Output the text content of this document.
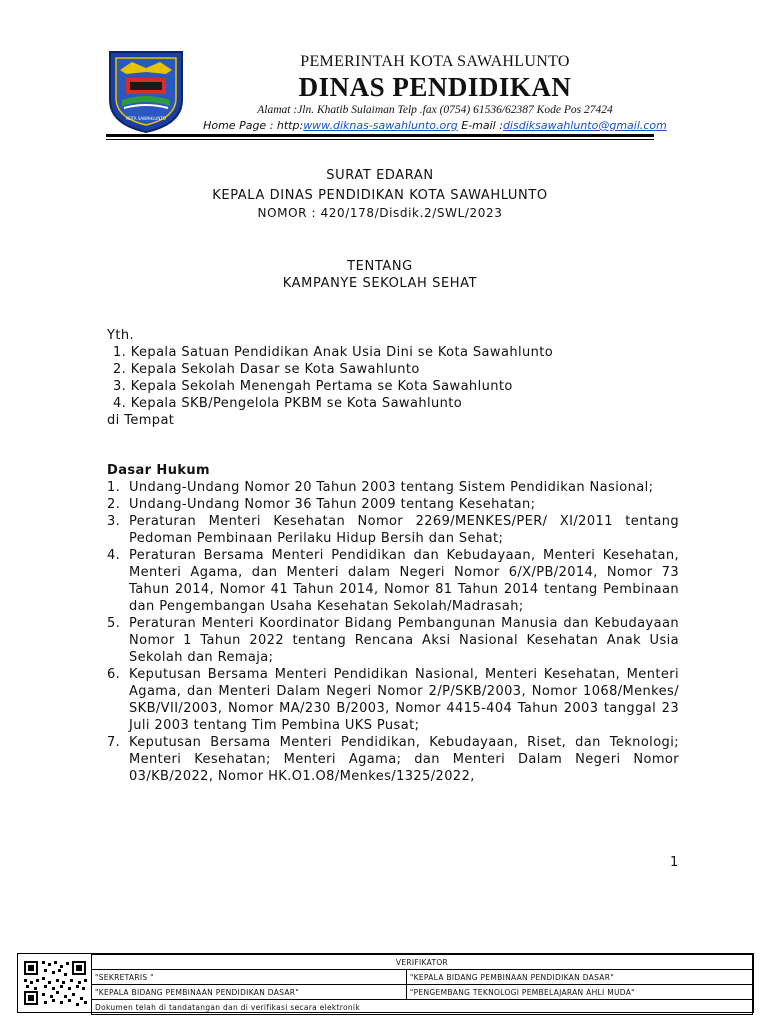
KOTA SAWAHLUNTO
PEMERINTAH KOTA SAWAHLUNTO
DINAS PENDIDIKAN
Alamat :Jln. Khatib Sulaiman Telp .fax (0754) 61536/62387 Kode Pos 27424
Home Page : http:www.diknas-sawahlunto.org E-mail :disdiksawahlunto@gmail.com
SURAT EDARAN
KEPALA DINAS PENDIDIKAN KOTA SAWAHLUNTO
NOMOR : 420/178/Disdik.2/SWL/2023
TENTANG
KAMPANYE SEKOLAH SEHAT
Yth.
1. Kepala Satuan Pendidikan Anak Usia Dini se Kota Sawahlunto
2. Kepala Sekolah Dasar se Kota Sawahlunto
3. Kepala Sekolah Menengah Pertama se Kota Sawahlunto
4. Kepala SKB/Pengelola PKBM se Kota Sawahlunto
di Tempat
Dasar Hukum
1. Undang-Undang Nomor 20 Tahun 2003 tentang Sistem Pendidikan Nasional;
2. Undang-Undang Nomor 36 Tahun 2009 tentang Kesehatan;
3. Peraturan Menteri Kesehatan Nomor 2269/MENKES/PER/ XI/2011 tentang Pedoman Pembinaan Perilaku Hidup Bersih dan Sehat;
4. Peraturan Bersama Menteri Pendidikan dan Kebudayaan, Menteri Kesehatan, Menteri Agama, dan Menteri dalam Negeri Nomor 6/X/PB/2014, Nomor 73 Tahun 2014, Nomor 41 Tahun 2014, Nomor 81 Tahun 2014 tentang Pembinaan dan Pengembangan Usaha Kesehatan Sekolah/Madrasah;
5. Peraturan Menteri Koordinator Bidang Pembangunan Manusia dan Kebudayaan Nomor 1 Tahun 2022 tentang Rencana Aksi Nasional Kesehatan Anak Usia Sekolah dan Remaja;
6. Keputusan Bersama Menteri Pendidikan Nasional, Menteri Kesehatan, Menteri Agama, dan Menteri Dalam Negeri Nomor 2/P/SKB/2003, Nomor 1068/Menkes/ SKB/VII/2003, Nomor MA/230 B/2003, Nomor 4415-404 Tahun 2003 tanggal 23 Juli 2003 tentang Tim Pembina UKS Pusat;
7. Keputusan Bersama Menteri Pendidikan, Kebudayaan, Riset, dan Teknologi; Menteri Kesehatan; Menteri Agama; dan Menteri Dalam Negeri Nomor 03/KB/2022, Nomor HK.O1.O8/Menkes/1325/2022,
1
VERIFIKATOR	
"SEKRETARIS "	"KEPALA BIDANG PEMBINAAN PENDIDIKAN DASAR"
"KEPALA BIDANG PEMBINAAN PENDIDIKAN DASAR"	"PENGEMBANG TEKNOLOGI PEMBELAJARAN AHLI MUDA"
Dokumen telah di tandatangan dan di verifikasi secara elektronik	
